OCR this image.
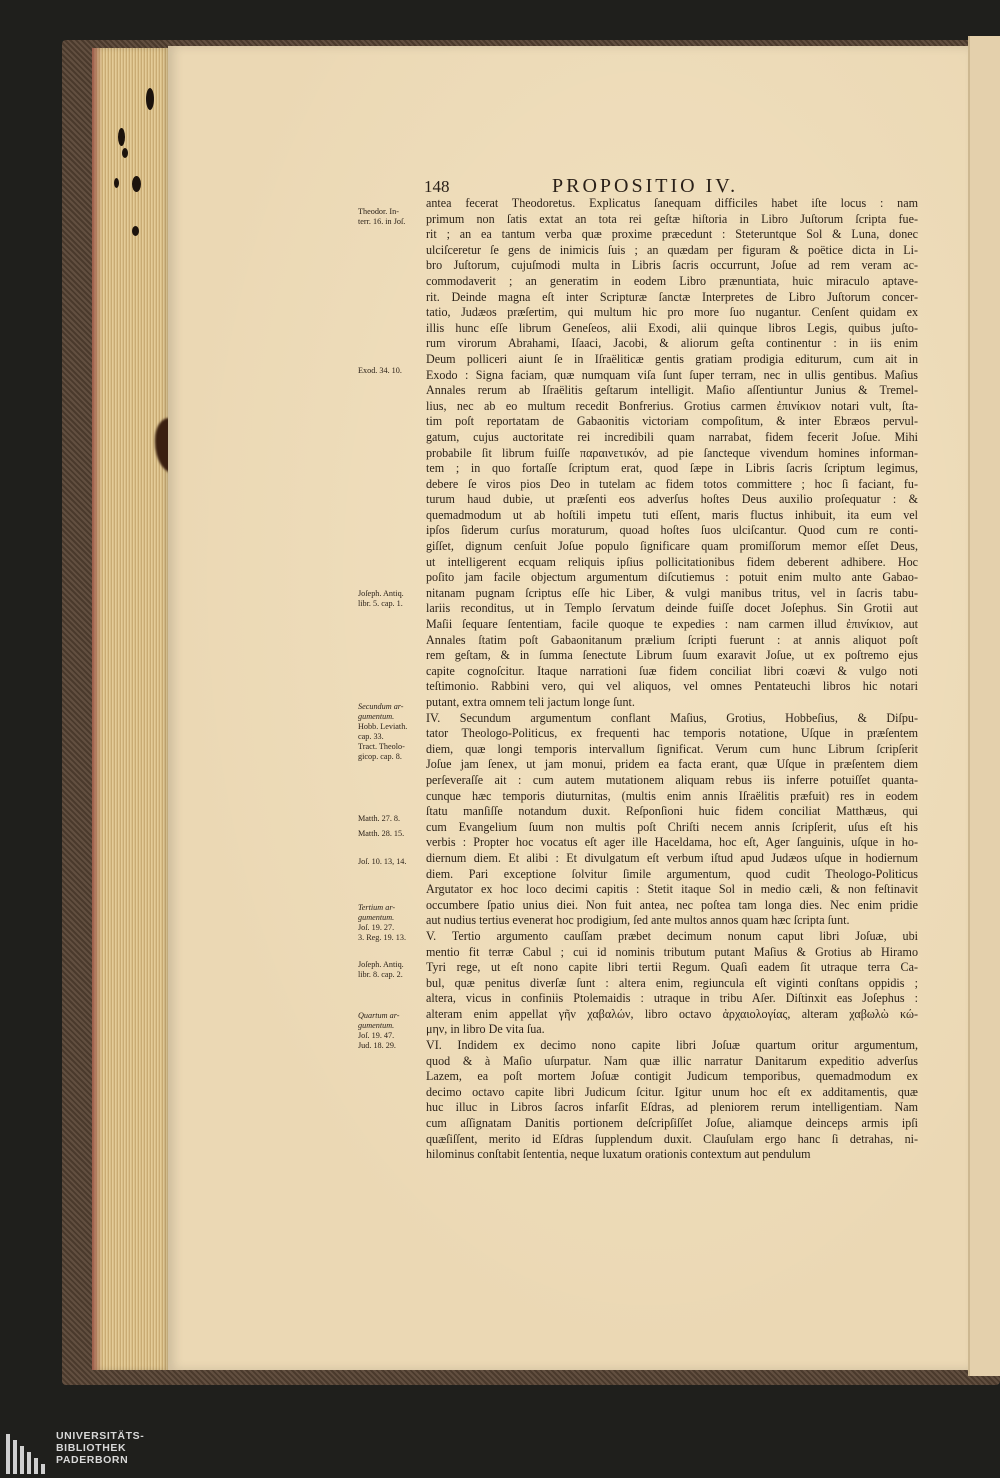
148	PROPOSITIO IV.
antea fecerat Theodoretus. Explicatus ſanequam difficiles habet iſte locus : nam
primum non ſatis extat an tota rei geſtæ hiſtoria in Libro Juſtorum ſcripta fue-
rit ; an ea tantum verba quæ proxime præcedunt : Steteruntque Sol & Luna, donec
ulciſceretur ſe gens de inimicis ſuis ; an quædam per figuram & poëtice dicta in Li-
bro Juſtorum, cujuſmodi multa in Libris ſacris occurrunt, Joſue ad rem veram ac-
commodaverit ; an generatim in eodem Libro prænuntiata, huic miraculo aptave-
rit. Deinde magna eſt inter Scripturæ ſanctæ Interpretes de Libro Juſtorum concer-
tatio, Judæos præſertim, qui multum hic pro more ſuo nugantur. Cenſent quidam ex
illis hunc eſſe librum Geneſeos, alii Exodi, alii quinque libros Legis, quibus juſto-
rum virorum Abrahami, Iſaaci, Jacobi, & aliorum geſta continentur : in iis enim
Deum polliceri aiunt ſe in Iſraëliticæ gentis gratiam prodigia editurum, cum ait in
Exodo : Signa faciam, quæ numquam viſa ſunt ſuper terram, nec in ullis gentibus. Maſius
Annales rerum ab Iſraëlitis geſtarum intelligit. Maſio aſſentiuntur Junius & Tremel-
lius, nec ab eo multum recedit Bonfrerius. Grotius carmen ἐπινίκιον notari vult, ſta-
tim poſt reportatam de Gabaonitis victoriam compoſitum, & inter Ebræos pervul-
gatum, cujus auctoritate rei incredibili quam narrabat, fidem fecerit Joſue. Mihi
probabile ſit librum fuiſſe παραινετικόν, ad pie ſancteque vivendum homines informan-
tem ; in quo fortaſſe ſcriptum erat, quod ſæpe in Libris ſacris ſcriptum legimus,
debere ſe viros pios Deo in tutelam ac fidem totos committere ; hoc ſi faciant, fu-
turum haud dubie, ut præſenti eos adverſus hoſtes Deus auxilio proſequatur : &
quemadmodum ut ab hoſtili impetu tuti eſſent, maris fluctus inhibuit, ita eum vel
ipſos ſiderum curſus moraturum, quoad hoſtes ſuos ulciſcantur. Quod cum re conti-
giſſet, dignum cenſuit Joſue populo ſignificare quam promiſſorum memor eſſet Deus,
ut intelligerent ecquam reliquis ipſius pollicitationibus fidem deberent adhibere. Hoc
poſito jam facile objectum argumentum diſcutiemus : potuit enim multo ante Gabao-
nitanam pugnam ſcriptus eſſe hic Liber, & vulgi manibus tritus, vel in ſacris tabu-
lariis reconditus, ut in Templo ſervatum deinde fuiſſe docet Joſephus. Sin Grotii aut
Maſii ſequare ſententiam, facile quoque te expedies : nam carmen illud ἐπινίκιον, aut
Annales ſtatim poſt Gabaonitanum prælium ſcripti fuerunt : at annis aliquot poſt
rem geſtam, & in ſumma ſenectute Librum ſuum exaravit Joſue, ut ex poſtremo ejus
capite cognoſcitur. Itaque narrationi ſuæ fidem conciliat libri coævi & vulgo noti
teſtimonio. Rabbini vero, qui vel aliquos, vel omnes Pentateuchi libros hic notari
putant, extra omnem teli jactum longe ſunt.
IV. Secundum argumentum conflant Maſius, Grotius, Hobbeſius, & Diſpu-
tator Theologo-Politicus, ex frequenti hac temporis notatione, Uſque in præſentem
diem, quæ longi temporis intervallum ſignificat. Verum cum hunc Librum ſcripſerit
Joſue jam ſenex, ut jam monui, pridem ea facta erant, quæ Uſque in præſentem diem
perſeveraſſe ait : cum autem mutationem aliquam rebus iis inferre potuiſſet quanta-
cunque hæc temporis diuturnitas, (multis enim annis Iſraëlitis præfuit) res in eodem
ſtatu manſiſſe notandum duxit. Reſponſioni huic fidem conciliat Matthæus, qui
cum Evangelium ſuum non multis poſt Chriſti necem annis ſcripſerit, uſus eſt his
verbis : Propter hoc vocatus eſt ager ille Haceldama, hoc eſt, Ager ſanguinis, uſque in ho-
diernum diem. Et alibi : Et divulgatum eſt verbum iſtud apud Judæos uſque in hodiernum
diem. Pari exceptione ſolvitur ſimile argumentum, quod cudit Theologo-Politicus
Argutator ex hoc loco decimi capitis : Stetit itaque Sol in medio cæli, & non feſtinavit
occumbere ſpatio unius diei. Non fuit antea, nec poſtea tam longa dies. Nec enim pridie
aut nudius tertius evenerat hoc prodigium, ſed ante multos annos quam hæc ſcripta ſunt.
V. Tertio argumento cauſſam præbet decimum nonum caput libri Joſuæ, ubi
mentio fit terræ Cabul ; cui id nominis tributum putant Maſius & Grotius ab Hiramo
Tyri rege, ut eſt nono capite libri tertii Regum. Quaſi eadem ſit utraque terra Ca-
bul, quæ penitus diverſæ ſunt : altera enim, regiuncula eſt viginti conſtans oppidis ;
altera, vicus in confiniis Ptolemaidis : utraque in tribu Aſer. Diſtinxit eas Joſephus :
alteram enim appellat γῆν χαβαλών, libro octavo ἀρχαιολογίας, alteram χαβωλὼ κώ-
μην, in libro De vita ſua.
VI. Indidem ex decimo nono capite libri Joſuæ quartum oritur argumentum,
quod & à Maſio uſurpatur. Nam quæ illic narratur Danitarum expeditio adverſus
Lazem, ea poſt mortem Joſuæ contigit Judicum temporibus, quemadmodum ex
decimo octavo capite libri Judicum ſcitur. Igitur unum hoc eſt ex additamentis, quæ
huc illuc in Libros ſacros infarſit Eſdras, ad pleniorem rerum intelligentiam. Nam
cum aſſignatam Danitis portionem deſcripſiſſet Joſue, aliamque deinceps armis ipſi
quæſiſſent, merito id Eſdras ſupplendum duxit. Clauſulam ergo hanc ſi detrahas, ni-
hilominus conſtabit ſententia, neque luxatum orationis contextum aut pendulum
Theodor. In-
terr. 16. in Joſ.
Exod. 34. 10.
Joſeph. Antiq.
libr. 5. cap. 1.
Secundum ar-
gumentum.
Hobb. Leviath.
cap. 33.
Tract. Theolo-
gicop. cap. 8.
Matth. 27. 8.
Matth. 28. 15.
Joſ. 10. 13, 14.
Tertium ar-
gumentum.
Joſ. 19. 27.
3. Reg. 19. 13.
Joſeph. Antiq.
libr. 8. cap. 2.
Quartum ar-
gumentum.
Joſ. 19. 47.
Jud. 18. 29.
UNIVERSITÄTS-
BIBLIOTHEK
PADERBORN
